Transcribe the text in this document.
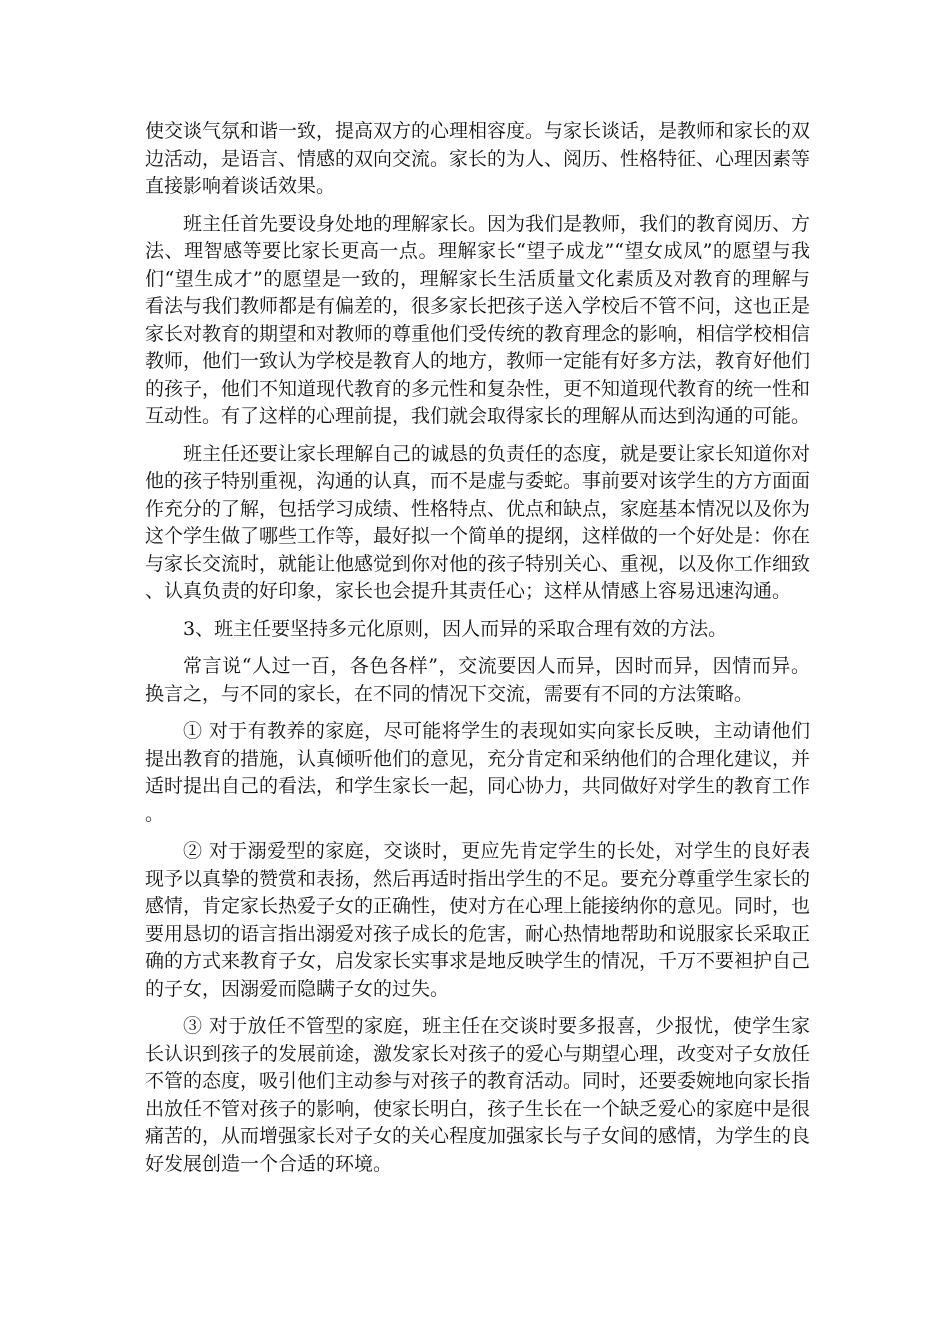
使交谈气氛和谐一致，提高双方的心理相容度。与家长谈话，是教师和家长的双边活动，是语言、情感的双向交流。家长的为人、阅历、性格特征、心理因素等直接影响着谈话效果。

班主任首先要设身处地的理解家长。因为我们是教师，我们的教育阅历、方法、理智感等要比家长更高一点。理解家长“望子成龙”“望女成凤”的愿望与我们“望生成才”的愿望是一致的，理解家长生活质量文化素质及对教育的理解与看法与我们教师都是有偏差的，很多家长把孩子送入学校后不管不问，这也正是家长对教育的期望和对教师的尊重他们受传统的教育理念的影响，相信学校相信教师，他们一致认为学校是教育人的地方，教师一定能有好多方法，教育好他们的孩子，他们不知道现代教育的多元性和复杂性，更不知道现代教育的统一性和互动性。有了这样的心理前提，我们就会取得家长的理解从而达到沟通的可能。

班主任还要让家长理解自己的诚恳的负责任的态度，就是要让家长知道你对他的孩子特别重视，沟通的认真，而不是虚与委蛇。事前要对该学生的方方面面作充分的了解，包括学习成绩、性格特点、优点和缺点，家庭基本情况以及你为这个学生做了哪些工作等，最好拟一个简单的提纲，这样做的一个好处是：你在与家长交流时，就能让他感觉到你对他的孩子特别关心、重视，以及你工作细致、认真负责的好印象，家长也会提升其责任心；这样从情感上容易迅速沟通。

3、班主任要坚持多元化原则，因人而异的采取合理有效的方法。

常言说“人过一百，各色各样”，交流要因人而异，因时而异，因情而异。换言之，与不同的家长，在不同的情况下交流，需要有不同的方法策略。

① 对于有教养的家庭，尽可能将学生的表现如实向家长反映，主动请他们提出教育的措施，认真倾听他们的意见，充分肯定和采纳他们的合理化建议，并适时提出自己的看法，和学生家长一起，同心协力，共同做好对学生的教育工作。

② 对于溺爱型的家庭，交谈时，更应先肯定学生的长处，对学生的良好表现予以真挚的赞赏和表扬，然后再适时指出学生的不足。要充分尊重学生家长的感情，肯定家长热爱子女的正确性，使对方在心理上能接纳你的意见。同时，也要用恳切的语言指出溺爱对孩子成长的危害，耐心热情地帮助和说服家长采取正确的方式来教育子女，启发家长实事求是地反映学生的情况，千万不要袒护自己的子女，因溺爱而隐瞒子女的过失。

③ 对于放任不管型的家庭，班主任在交谈时要多报喜，少报忧，使学生家长认识到孩子的发展前途，激发家长对孩子的爱心与期望心理，改变对子女放任不管的态度，吸引他们主动参与对孩子的教育活动。同时，还要委婉地向家长指出放任不管对孩子的影响，使家长明白，孩子生长在一个缺乏爱心的家庭中是很痛苦的，从而增强家长对子女的关心程度加强家长与子女间的感情，为学生的良好发展创造一个合适的环境。
